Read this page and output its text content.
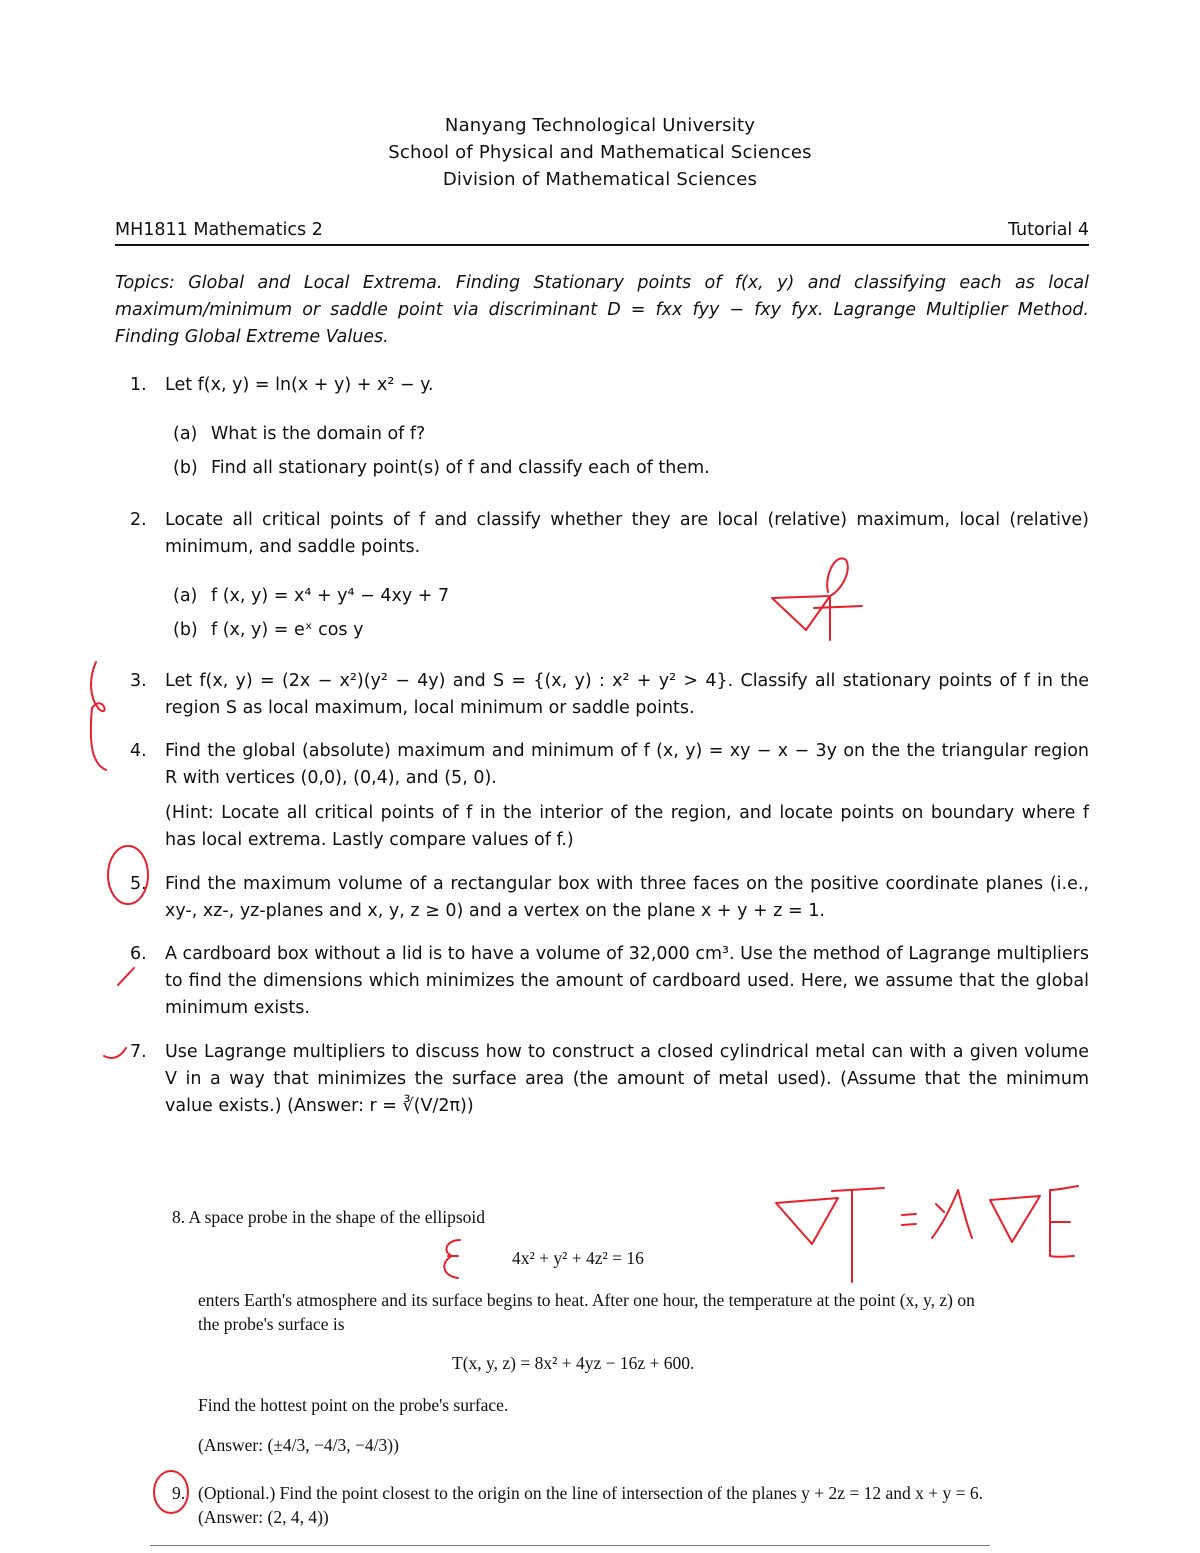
Nanyang Technological University
School of Physical and Mathematical Sciences
Division of Mathematical Sciences
MH1811 Mathematics 2	Tutorial 4
Topics: Global and Local Extrema. Finding Stationary points of f(x, y) and classifying each as local maximum/minimum or saddle point via discriminant D = fxx fyy − fxy fyx. Lagrange Multiplier Method. Finding Global Extreme Values.
1.	Let f(x, y) = ln(x + y) + x² − y.
(a) What is the domain of f?
(b) Find all stationary point(s) of f and classify each of them.
2.	Locate all critical points of f and classify whether they are local (relative) maximum, local (relative) minimum, and saddle points.
(a) f (x, y) = x⁴ + y⁴ − 4xy + 7
(b) f (x, y) = eˣ cos y
3.	Let f(x, y) = (2x − x²)(y² − 4y) and S = {(x, y) : x² + y² > 4}. Classify all stationary points of f in the region S as local maximum, local minimum or saddle points.
4.	Find the global (absolute) maximum and minimum of f (x, y) = xy − x − 3y on the the triangular region R with vertices (0,0), (0,4), and (5, 0).
(Hint: Locate all critical points of f in the interior of the region, and locate points on boundary where f has local extrema. Lastly compare values of f.)
5.	Find the maximum volume of a rectangular box with three faces on the positive coordinate planes (i.e., xy-, xz-, yz-planes and x, y, z ≥ 0) and a vertex on the plane x + y + z = 1.
6.	A cardboard box without a lid is to have a volume of 32,000 cm³. Use the method of Lagrange multipliers to find the dimensions which minimizes the amount of cardboard used. Here, we assume that the global minimum exists.
7.	Use Lagrange multipliers to discuss how to construct a closed cylindrical metal can with a given volume V in a way that minimizes the surface area (the amount of metal used). (Assume that the minimum value exists.) (Answer: r = ∛(V/2π))
8. A space probe in the shape of the ellipsoid
4x² + y² + 4z² = 16
enters Earth's atmosphere and its surface begins to heat. After one hour, the temperature at the point (x, y, z) on the probe's surface is
T(x, y, z) = 8x² + 4yz − 16z + 600.
Find the hottest point on the probe's surface.
(Answer: (±4/3, −4/3, −4/3))
9. (Optional.) Find the point closest to the origin on the line of intersection of the planes y + 2z = 12 and x + y = 6. (Answer: (2, 4, 4))
